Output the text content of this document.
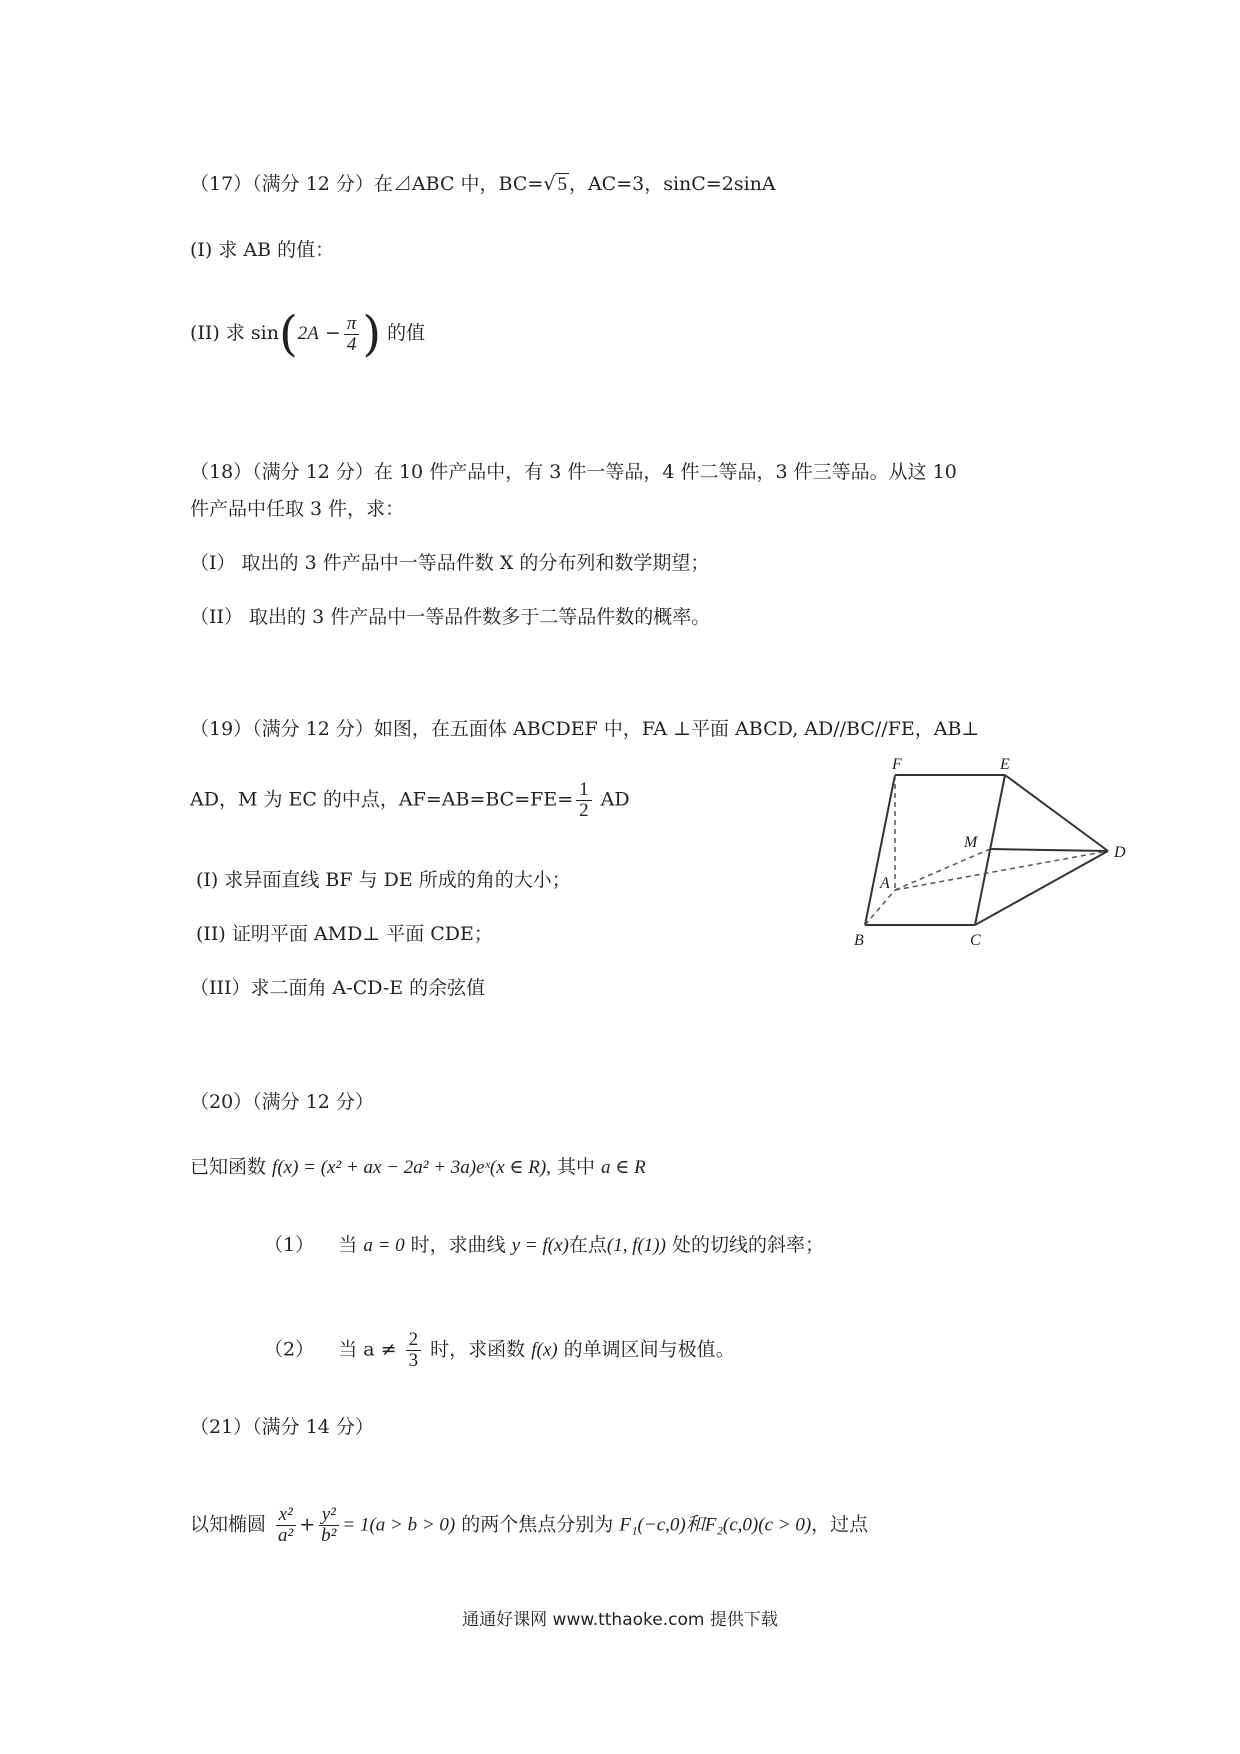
（17）（满分 12 分）在⊿ABC 中，BC=√ 5 ，AC=3，sinC=2sinA
(I) 求 AB 的值：
(II) 求 $\sin(2A - \frac{\pi}{4}$ ) 的值
（18）（满分 12 分）在 10 件产品中，有 3 件一等品，4 件二等品，3 件三等品。从这 10
件产品中任取 3 件，求：
（I） 取出的 3 件产品中一等品件数 X 的分布列和数学期望；
（II） 取出的 3 件产品中一等品件数多于二等品件数的概率。
（19）（满分 12 分）如图，在五面体 ABCDEF 中，FA ⊥平面 ABCD, AD//BC//FE，AB⊥
AD，M 为 EC 的中点，$AF=AB=BC=FE= \frac{1}{2}$ AD
(I) 求异面直线 BF 与 DE 所成的角的大小；
(II) 证明平面 AMD⊥ 平面 CDE；
（III）求二面角 A-CD-E 的余弦值
F	E
M
A
D
B	C
（20）（满分 12 分）
已知函数 f(x) = (x² + ax − 2a² + 3a)eˣ(x ∈ R), 其中 a ∈ R
（1） 当 a = 0 时，求曲线 y = f(x)在点(1, f(1)) 处的切线的斜率；
（2） 当 $a \ne \frac{2}{3}$ 时，求函数 f(x) 的单调区间与极值。
（21）（满分 14 分）
以知椭圆 $\frac{\text{x²}}{\text{a²}} + \frac{\text{y²}}{\text{b²}} = 1(a > b > 0)$ 的两个焦点分别为 F₁(−c,0)和F₂(c,0)(c > 0)，过点
通通好课网 www.tthaoke.com 提供下载
